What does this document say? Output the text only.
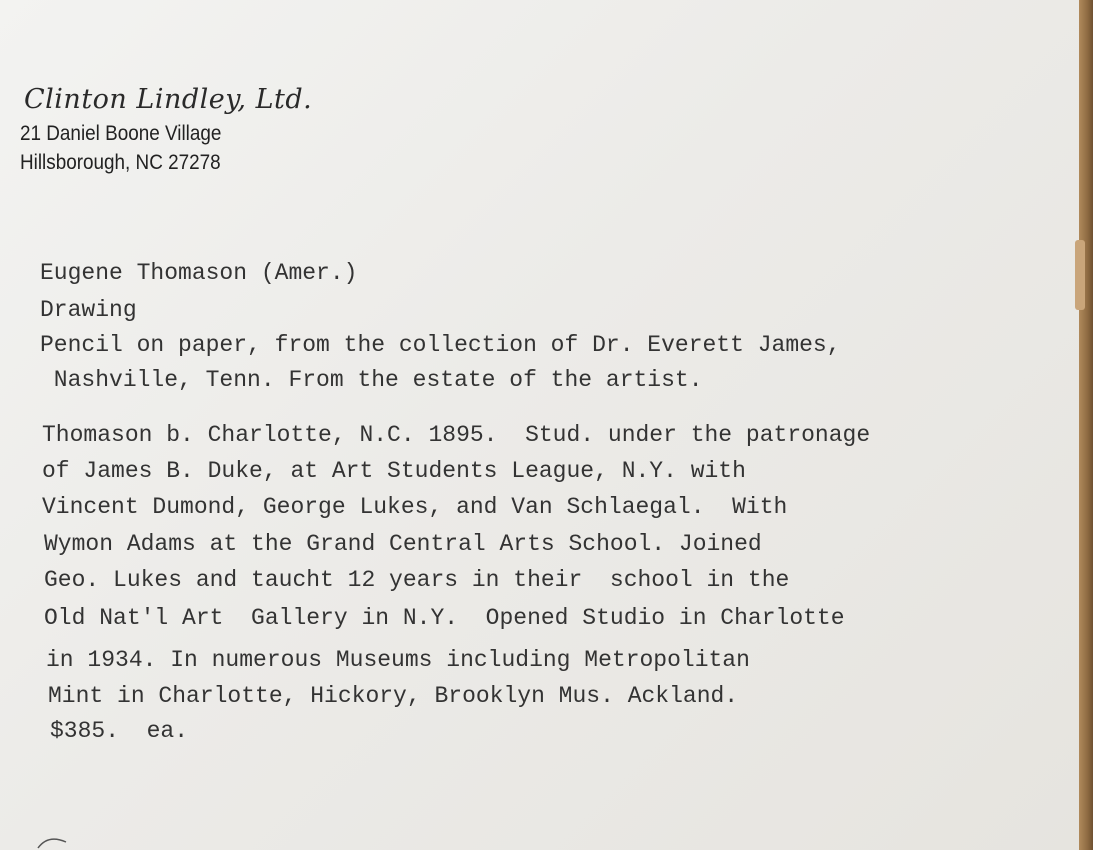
Clinton Lindley, Ltd.
21 Daniel Boone Village
Hillsborough, NC 27278

Eugene Thomason (Amer.)

Drawing

Pencil on paper, from the collection of Dr. Everett James,

Nashville, Tenn. From the estate of the artist.

Thomason b. Charlotte, N.C. 1895.  Stud. under the patronage

of James B. Duke, at Art Students League, N.Y. with

Vincent Dumond, George Lukes, and Van Schlaegal.  With

Wymon Adams at the Grand Central Arts School. Joined

Geo. Lukes and taucht 12 years in their  school in the

Old Nat'l Art  Gallery in N.Y.  Opened Studio in Charlotte

in 1934. In numerous Museums including Metropolitan

Mint in Charlotte, Hickory, Brooklyn Mus. Ackland.

$385.  ea.
